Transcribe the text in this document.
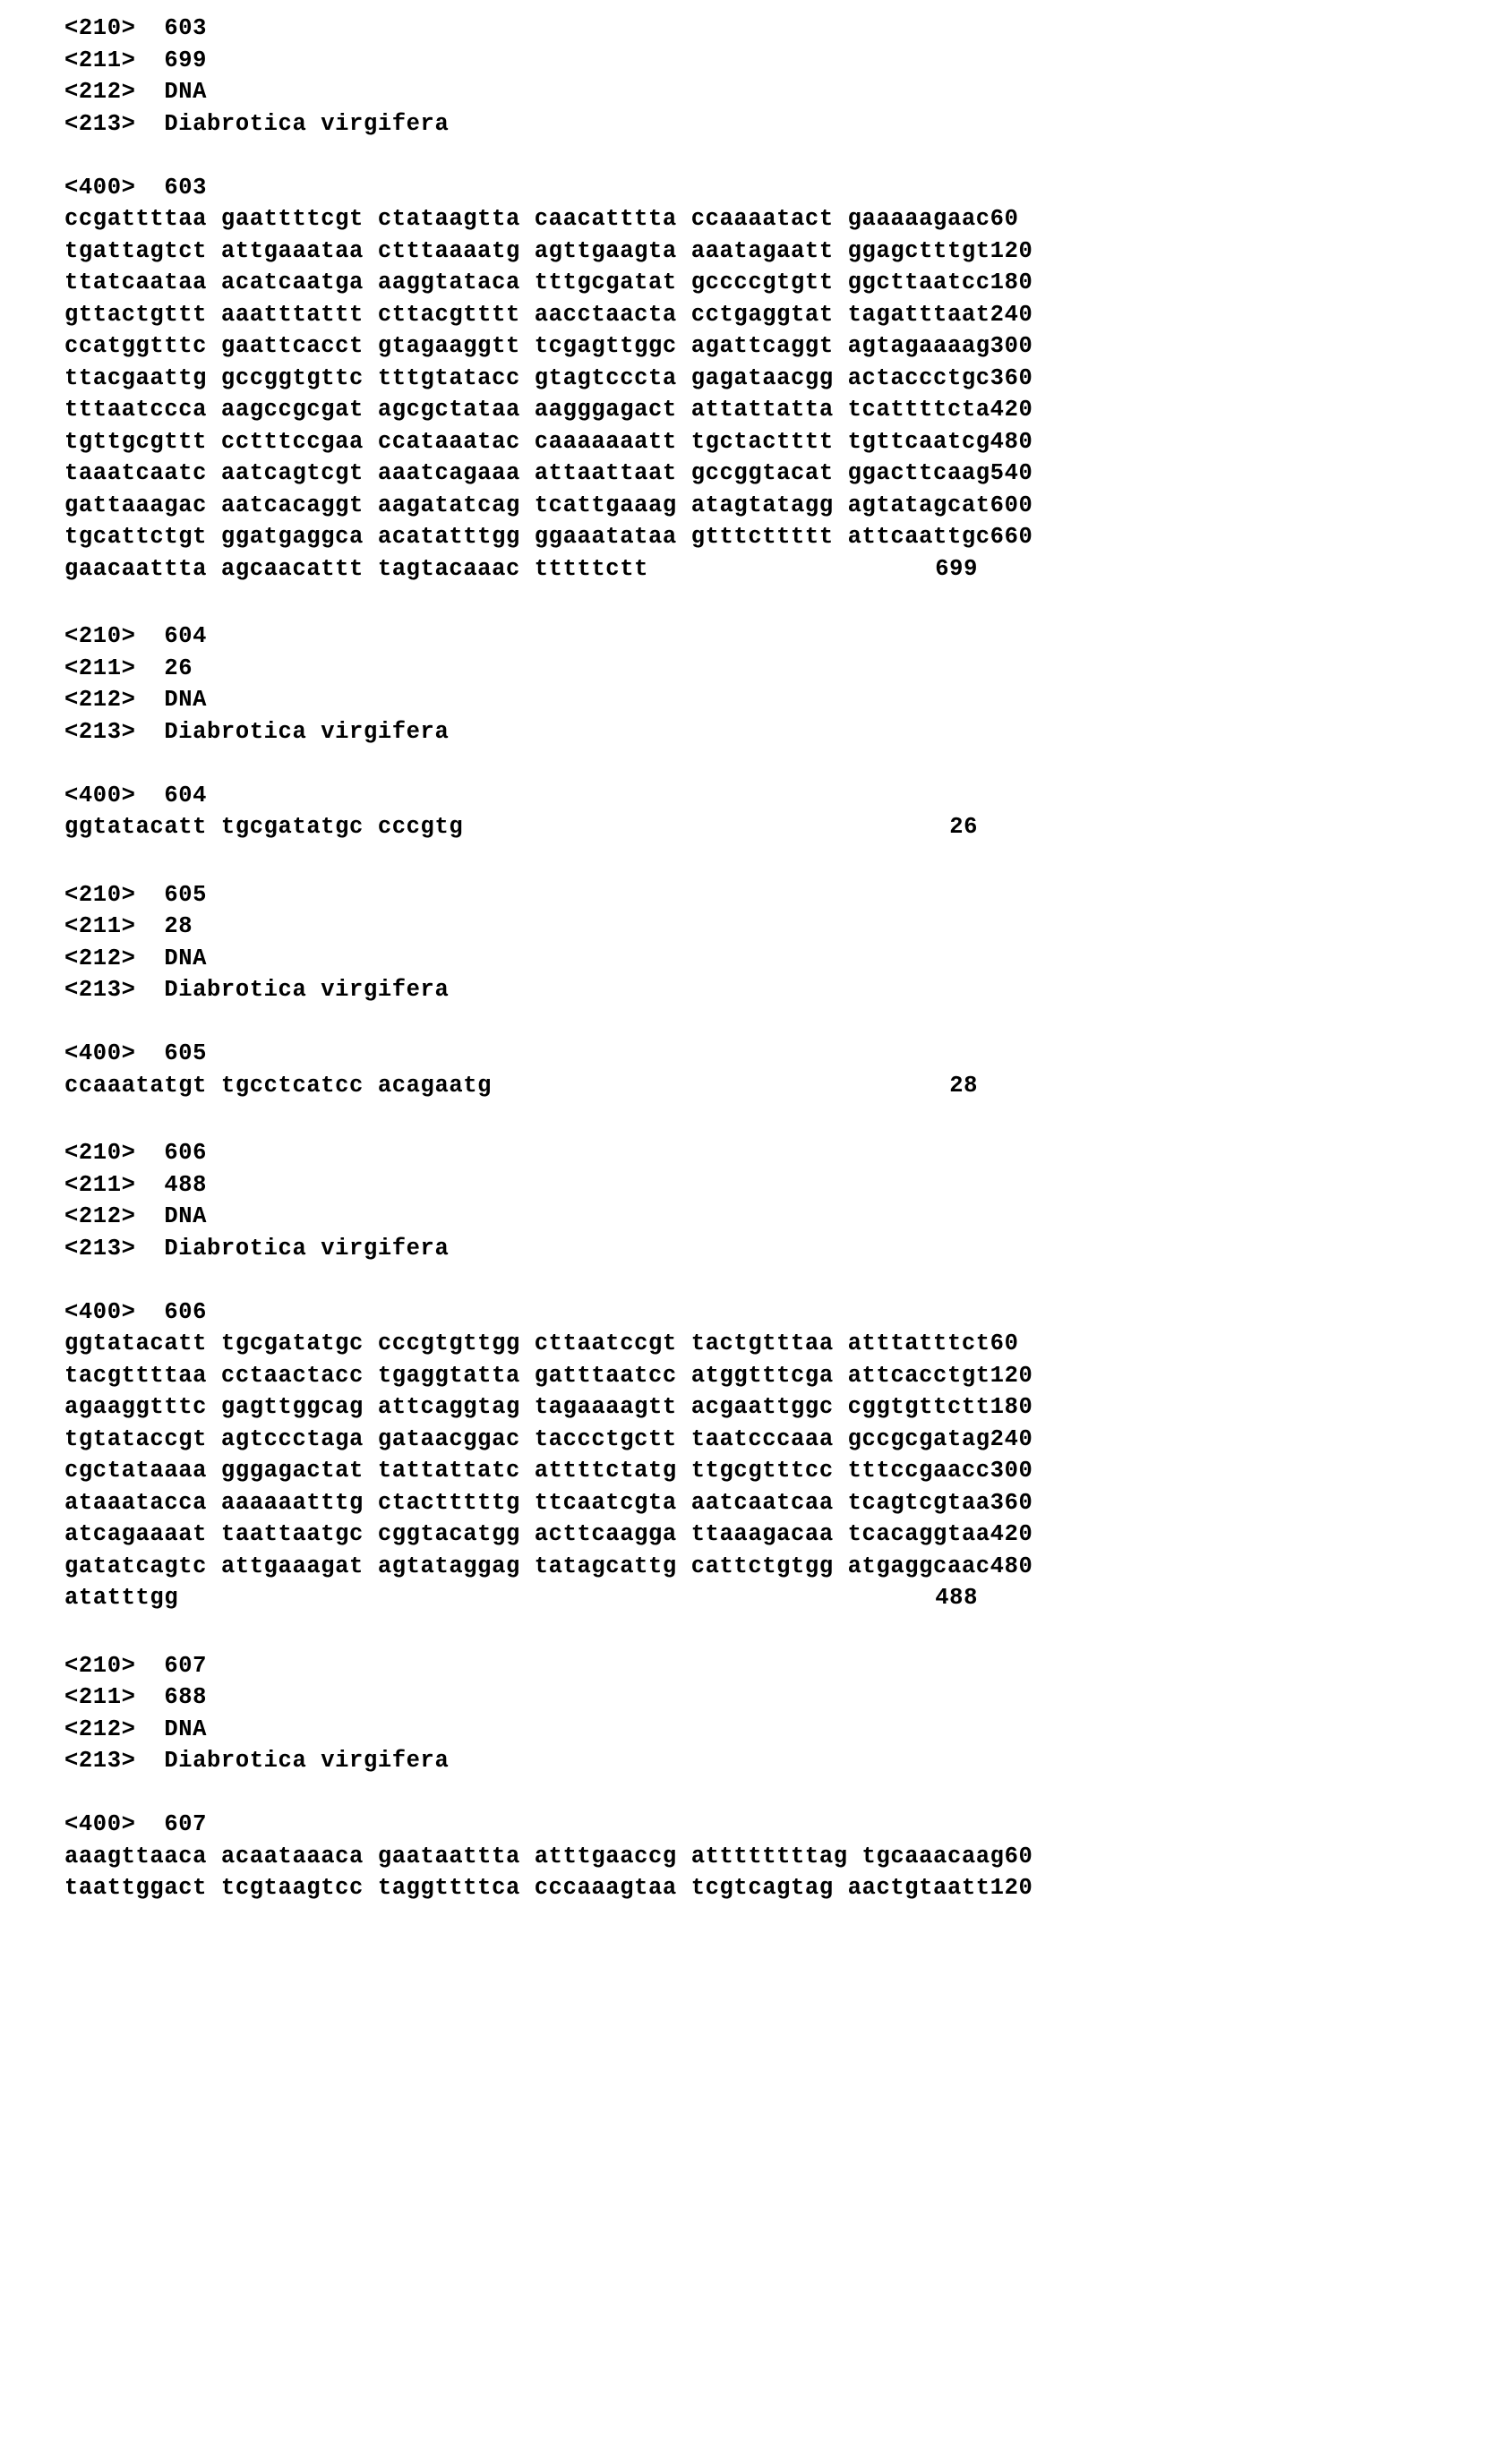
<210>  603
<211>  699
<212>  DNA
<213>  Diabrotica virgifera
<400>  603
ccgattttaa gaattttcgt ctataagtta caacatttta ccaaaatact gaaaaagaac 60
tgattagtct attgaaataa ctttaaaatg agttgaagta aaatagaatt ggagctttgt 120
ttatcaataa acatcaatga aaggtataca tttgcgatat gccccgtgtt ggcttaatcc 180
gttactgttt aaatttattt cttacgtttt aacctaacta cctgaggtat tagatttaat 240
ccatggtttc gaattcacct gtagaaggtt tcgagttggc agattcaggt agtagaaaag 300
ttacgaattg gccggtgttc tttgtatacc gtagtcccta gagataacgg actaccctgc 360
tttaatccca aagccgcgat agcgctataa aagggagact attattatta tcattttcta 420
tgttgcgttt cctttccgaa ccataaatac caaaaaaatt tgctactttt tgttcaatcg 480
taaatcaatc aatcagtcgt aaatcagaaa attaattaat gccggtacat ggacttcaag 540
gattaaagac aatcacaggt aagatatcag tcattgaaag atagtatagg agtatagcat 600
tgcattctgt ggatgaggca acatatttgg ggaaatataa gtttcttttt attcaattgc 660
gaacaattta agcaacattt tagtacaaac tttttctt	699
<210>  604
<211>  26
<212>  DNA
<213>  Diabrotica virgifera
<400>  604
ggtatacatt tgcgatatgc cccgtg	26
<210>  605
<211>  28
<212>  DNA
<213>  Diabrotica virgifera
<400>  605
ccaaatatgt tgcctcatcc acagaatg	28
<210>  606
<211>  488
<212>  DNA
<213>  Diabrotica virgifera
<400>  606
ggtatacatt tgcgatatgc cccgtgttgg cttaatccgt tactgtttaa atttatttct 60
tacgttttaa cctaactacc tgaggtatta gatttaatcc atggtttcga attcacctgt 120
agaaggtttc gagttggcag attcaggtag tagaaaagtt acgaattggc cggtgttctt 180
tgtataccgt agtccctaga gataacggac taccctgctt taatcccaaa gccgcgatag 240
cgctataaaa gggagactat tattattatc attttctatg ttgcgtttcc tttccgaacc 300
ataaatacca aaaaaatttg ctactttttg ttcaatcgta aatcaatcaa tcagtcgtaa 360
atcagaaaat taattaatgc cggtacatgg acttcaagga ttaaagacaa tcacaggtaa 420
gatatcagtc attgaaagat agtataggag tatagcattg cattctgtgg atgaggcaac 480
atatttgg	488
<210>  607
<211>  688
<212>  DNA
<213>  Diabrotica virgifera
<400>  607
aaagttaaca acaataaaca gaataattta atttgaaccg attttttttag tgcaaacaag 60
taattggact tcgtaagtcc taggttttca cccaaagtaa tcgtcagtag aactgtaatt 120
